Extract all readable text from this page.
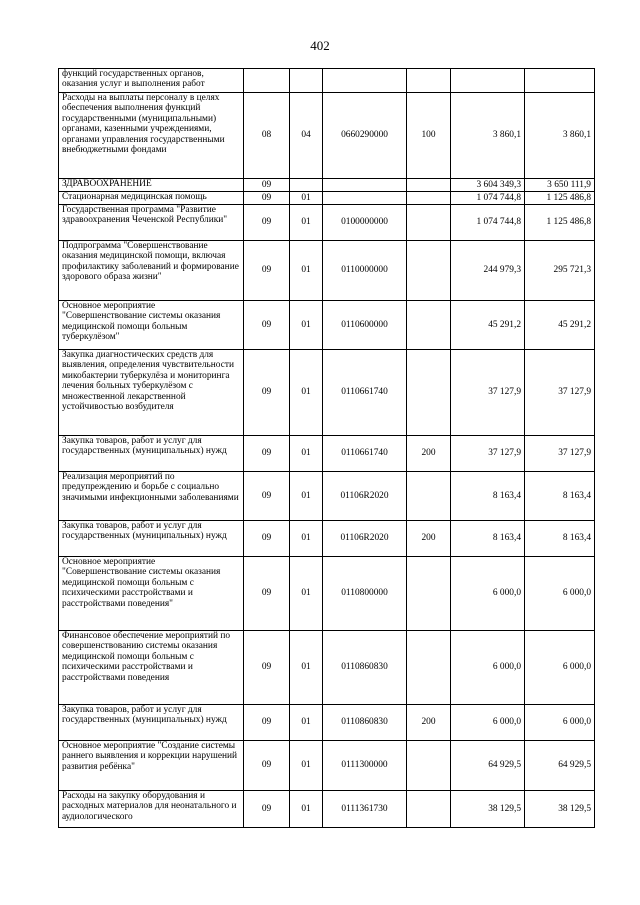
402
функций государственных органов, оказания услуг и выполнения работ						
Расходы на выплаты персоналу в целях обеспечения выполнения функций государственными (муниципальными) органами, казенными учреждениями, органами управления государственными внебюджетными фондами	08	04	0660290000	100	3 860,1	3 860,1
ЗДРАВООХРАНЕНИЕ	09				3 604 349,3	3 650 111,9
Стационарная медицинская помощь	09	01			1 074 744,8	1 125 486,8
Государственная программа "Развитие здравоохранения Чеченской Республики"	09	01	0100000000		1 074 744,8	1 125 486,8
Подпрограмма "Совершенствование оказания медицинской помощи, включая профилактику заболеваний и формирование здорового образа жизни"	09	01	0110000000		244 979,3	295 721,3
Основное мероприятие "Совершенствование системы оказания медицинской помощи больным туберкулёзом"	09	01	0110600000		45 291,2	45 291,2
Закупка диагностических средств для выявления, определения чувствительности микобактерии туберкулёза и мониторинга лечения больных туберкулёзом с множественной лекарственной устойчивостью возбудителя	09	01	0110661740		37 127,9	37 127,9
Закупка товаров, работ и услуг для государственных (муниципальных) нужд	09	01	0110661740	200	37 127,9	37 127,9
Реализация мероприятий по предупреждению и борьбе с социально значимыми инфекционными заболеваниями	09	01	01106R2020		8 163,4	8 163,4
Закупка товаров, работ и услуг для государственных (муниципальных) нужд	09	01	01106R2020	200	8 163,4	8 163,4
Основное мероприятие "Совершенствование системы оказания медицинской помощи больным с психическими расстройствами и расстройствами поведения"	09	01	0110800000		6 000,0	6 000,0
Финансовое обеспечение мероприятий по совершенствованию системы оказания медицинской помощи больным с психическими расстройствами и расстройствами поведения	09	01	0110860830		6 000,0	6 000,0
Закупка товаров, работ и услуг для государственных (муниципальных) нужд	09	01	0110860830	200	6 000,0	6 000,0
Основное мероприятие "Создание системы раннего выявления и коррекции нарушений развития ребёнка"	09	01	0111300000		64 929,5	64 929,5
Расходы на закупку оборудования и расходных материалов для неонатального и аудиологического	09	01	0111361730		38 129,5	38 129,5
